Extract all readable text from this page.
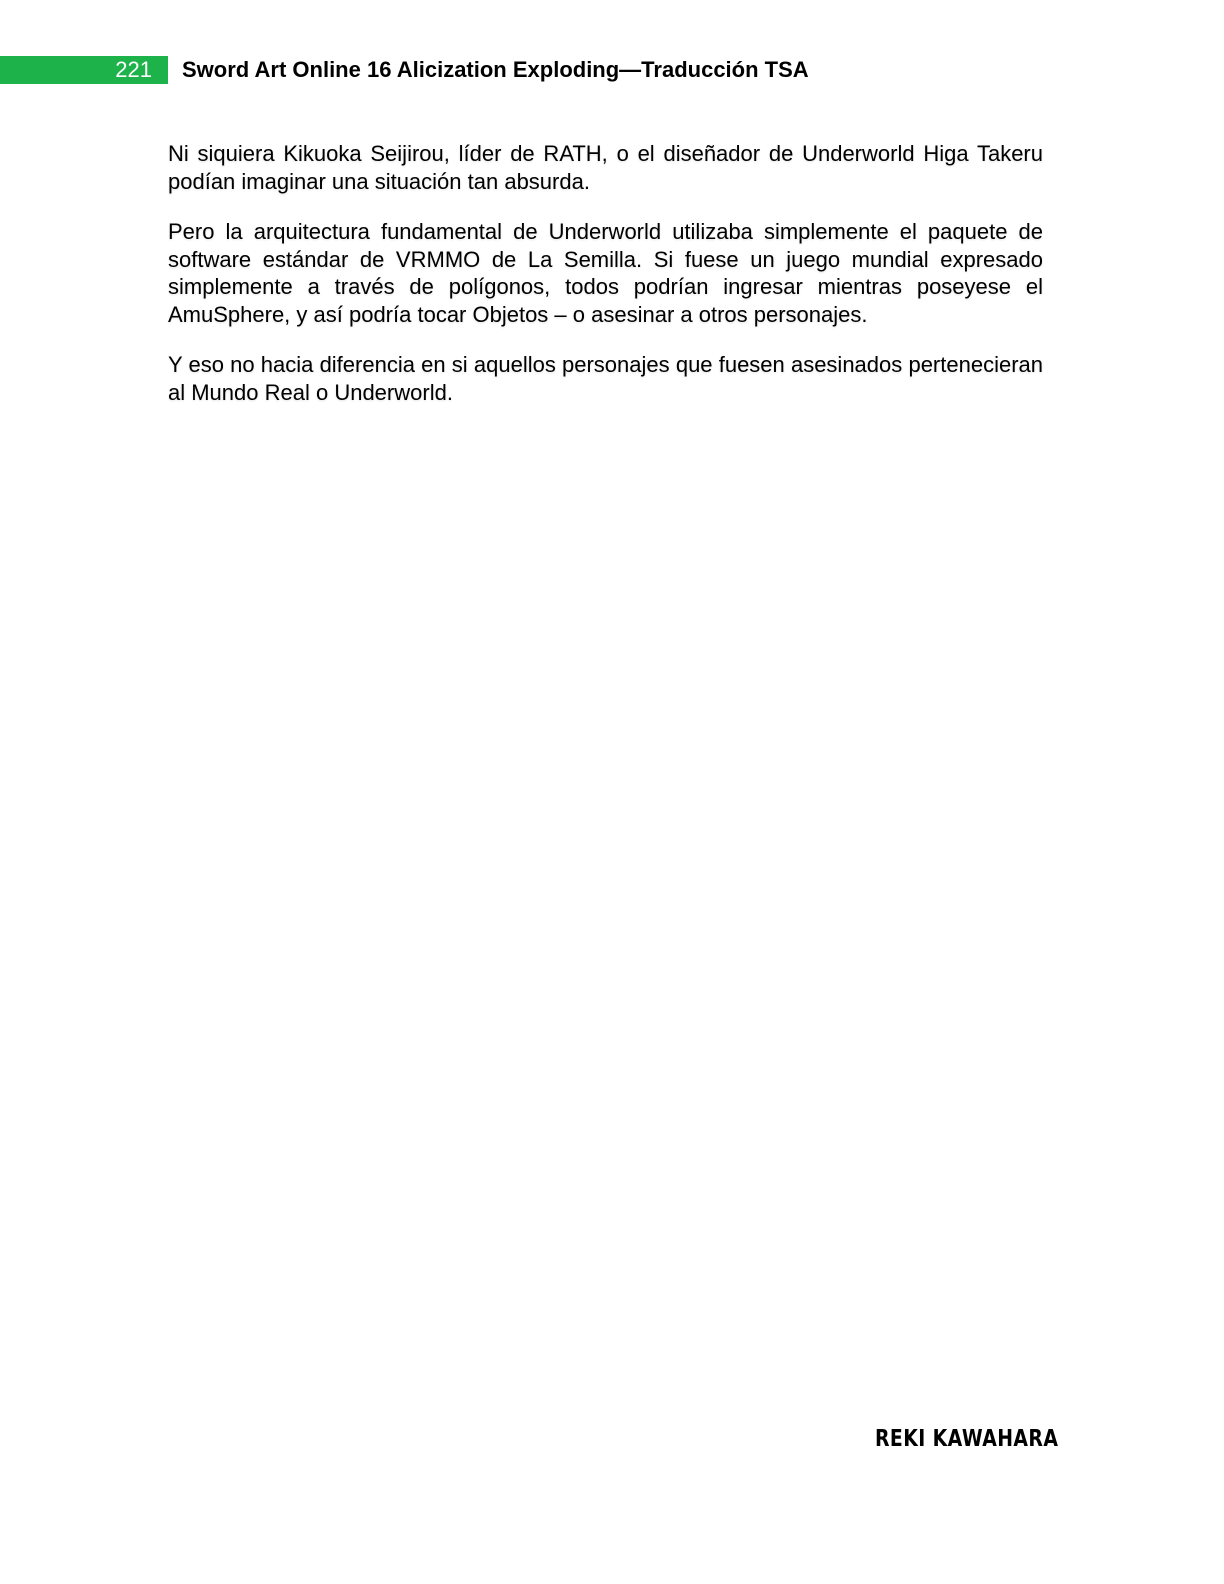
221	Sword Art Online 16 Alicization Exploding—Traducción TSA

Ni siquiera Kikuoka Seijirou, líder de RATH, o el diseñador de Underworld Higa Takeru podían imaginar una situación tan absurda.

Pero la arquitectura fundamental de Underworld utilizaba simplemente el paquete de software estándar de VRMMO de La Semilla. Si fuese un juego mundial expresado simplemente a través de polígonos, todos podrían ingresar mientras poseyese el AmuSphere, y así podría tocar Objetos – o asesinar a otros personajes.

Y eso no hacia diferencia en si aquellos personajes que fuesen asesinados pertenecieran al Mundo Real o Underworld.

REKI KAWAHARA
